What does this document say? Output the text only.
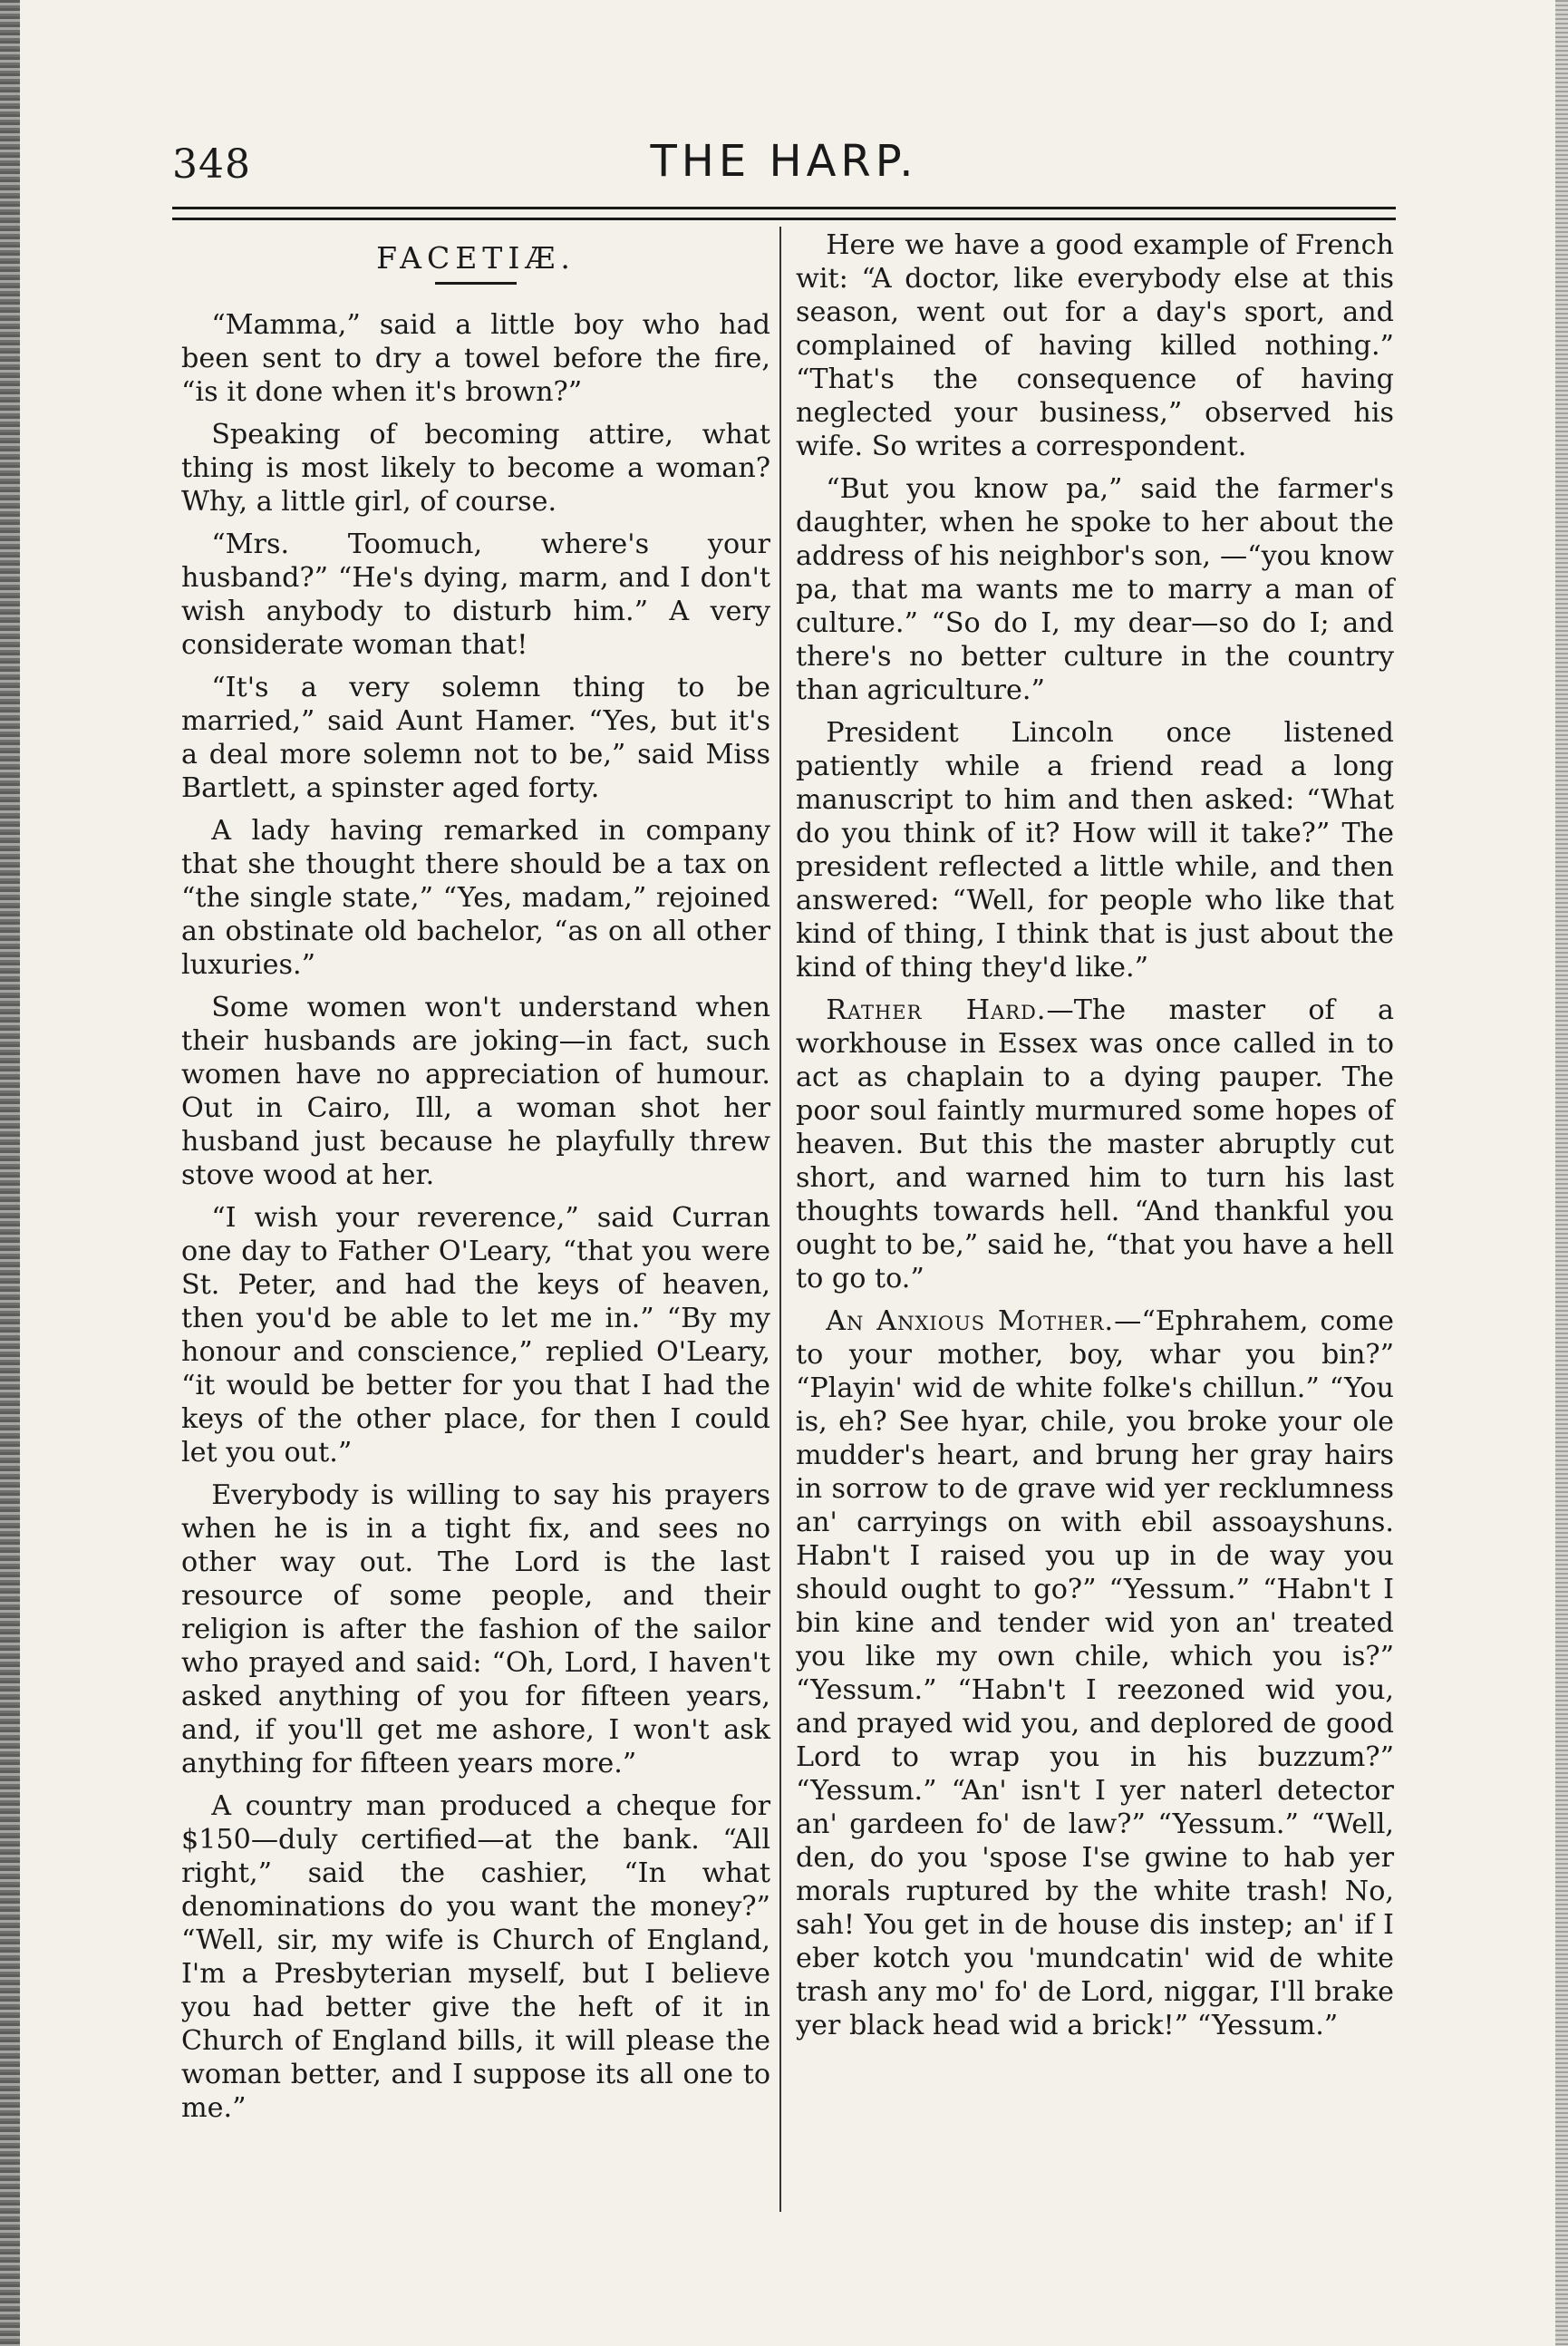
348	THE HARP.
FACETIÆ.

“Mamma,” said a little boy who had been sent to dry a towel before the fire, “is it done when it's brown?”

Speaking of becoming attire, what thing is most likely to become a woman? Why, a little girl, of course.

“Mrs. Toomuch, where's your husband?” “He's dying, marm, and I don't wish anybody to disturb him.” A very considerate woman that!

“It's a very solemn thing to be married,” said Aunt Hamer. “Yes, but it's a deal more solemn not to be,” said Miss Bartlett, a spinster aged forty.

A lady having remarked in company that she thought there should be a tax on “the single state,” “Yes, madam,” rejoined an obstinate old bachelor, “as on all other luxuries.”

Some women won't understand when their husbands are joking—in fact, such women have no appreciation of humour. Out in Cairo, Ill, a woman shot her husband just because he playfully threw stove wood at her.

“I wish your reverence,” said Curran one day to Father O'Leary, “that you were St. Peter, and had the keys of heaven, then you'd be able to let me in.” “By my honour and conscience,” replied O'Leary, “it would be better for you that I had the keys of the other place, for then I could let you out.”

Everybody is willing to say his prayers when he is in a tight fix, and sees no other way out. The Lord is the last resource of some people, and their religion is after the fashion of the sailor who prayed and said: “Oh, Lord, I haven't asked anything of you for fifteen years, and, if you'll get me ashore, I won't ask anything for fifteen years more.”

A country man produced a cheque for $150—duly certified—at the bank. “All right,” said the cashier, “In what denominations do you want the money?” “Well, sir, my wife is Church of England, I'm a Presbyterian myself, but I believe you had better give the heft of it in Church of England bills, it will please the woman better, and I suppose its all one to me.”

Here we have a good example of French wit: “A doctor, like everybody else at this season, went out for a day's sport, and complained of having killed nothing.” “That's the consequence of having neglected your business,” observed his wife. So writes a correspondent.

“But you know pa,” said the farmer's daughter, when he spoke to her about the address of his neighbor's son, —“you know pa, that ma wants me to marry a man of culture.” “So do I, my dear—so do I; and there's no better culture in the country than agriculture.”

President Lincoln once listened patiently while a friend read a long manuscript to him and then asked: “What do you think of it? How will it take?” The president reflected a little while, and then answered: “Well, for people who like that kind of thing, I think that is just about the kind of thing they'd like.”

Rather Hard.—The master of a workhouse in Essex was once called in to act as chaplain to a dying pauper. The poor soul faintly murmured some hopes of heaven. But this the master abruptly cut short, and warned him to turn his last thoughts towards hell. “And thankful you ought to be,” said he, “that you have a hell to go to.”

An Anxious Mother.—“Ephrahem, come to your mother, boy, whar you bin?” “Playin' wid de white folke's chillun.” “You is, eh? See hyar, chile, you broke your ole mudder's heart, and brung her gray hairs in sorrow to de grave wid yer recklumness an' carryings on with ebil assoayshuns. Habn't I raised you up in de way you should ought to go?” “Yessum.” “Habn't I bin kine and tender wid yon an' treated you like my own chile, which you is?” “Yessum.” “Habn't I reezoned wid you, and prayed wid you, and deplored de good Lord to wrap you in his buzzum?” “Yessum.” “An' isn't I yer naterl detector an' gardeen fo' de law?” “Yessum.” “Well, den, do you 'spose I'se gwine to hab yer morals ruptured by the white trash! No, sah! You get in de house dis instep; an' if I eber kotch you 'mundcatin' wid de white trash any mo' fo' de Lord, niggar, I'll brake yer black head wid a brick!” “Yessum.”
